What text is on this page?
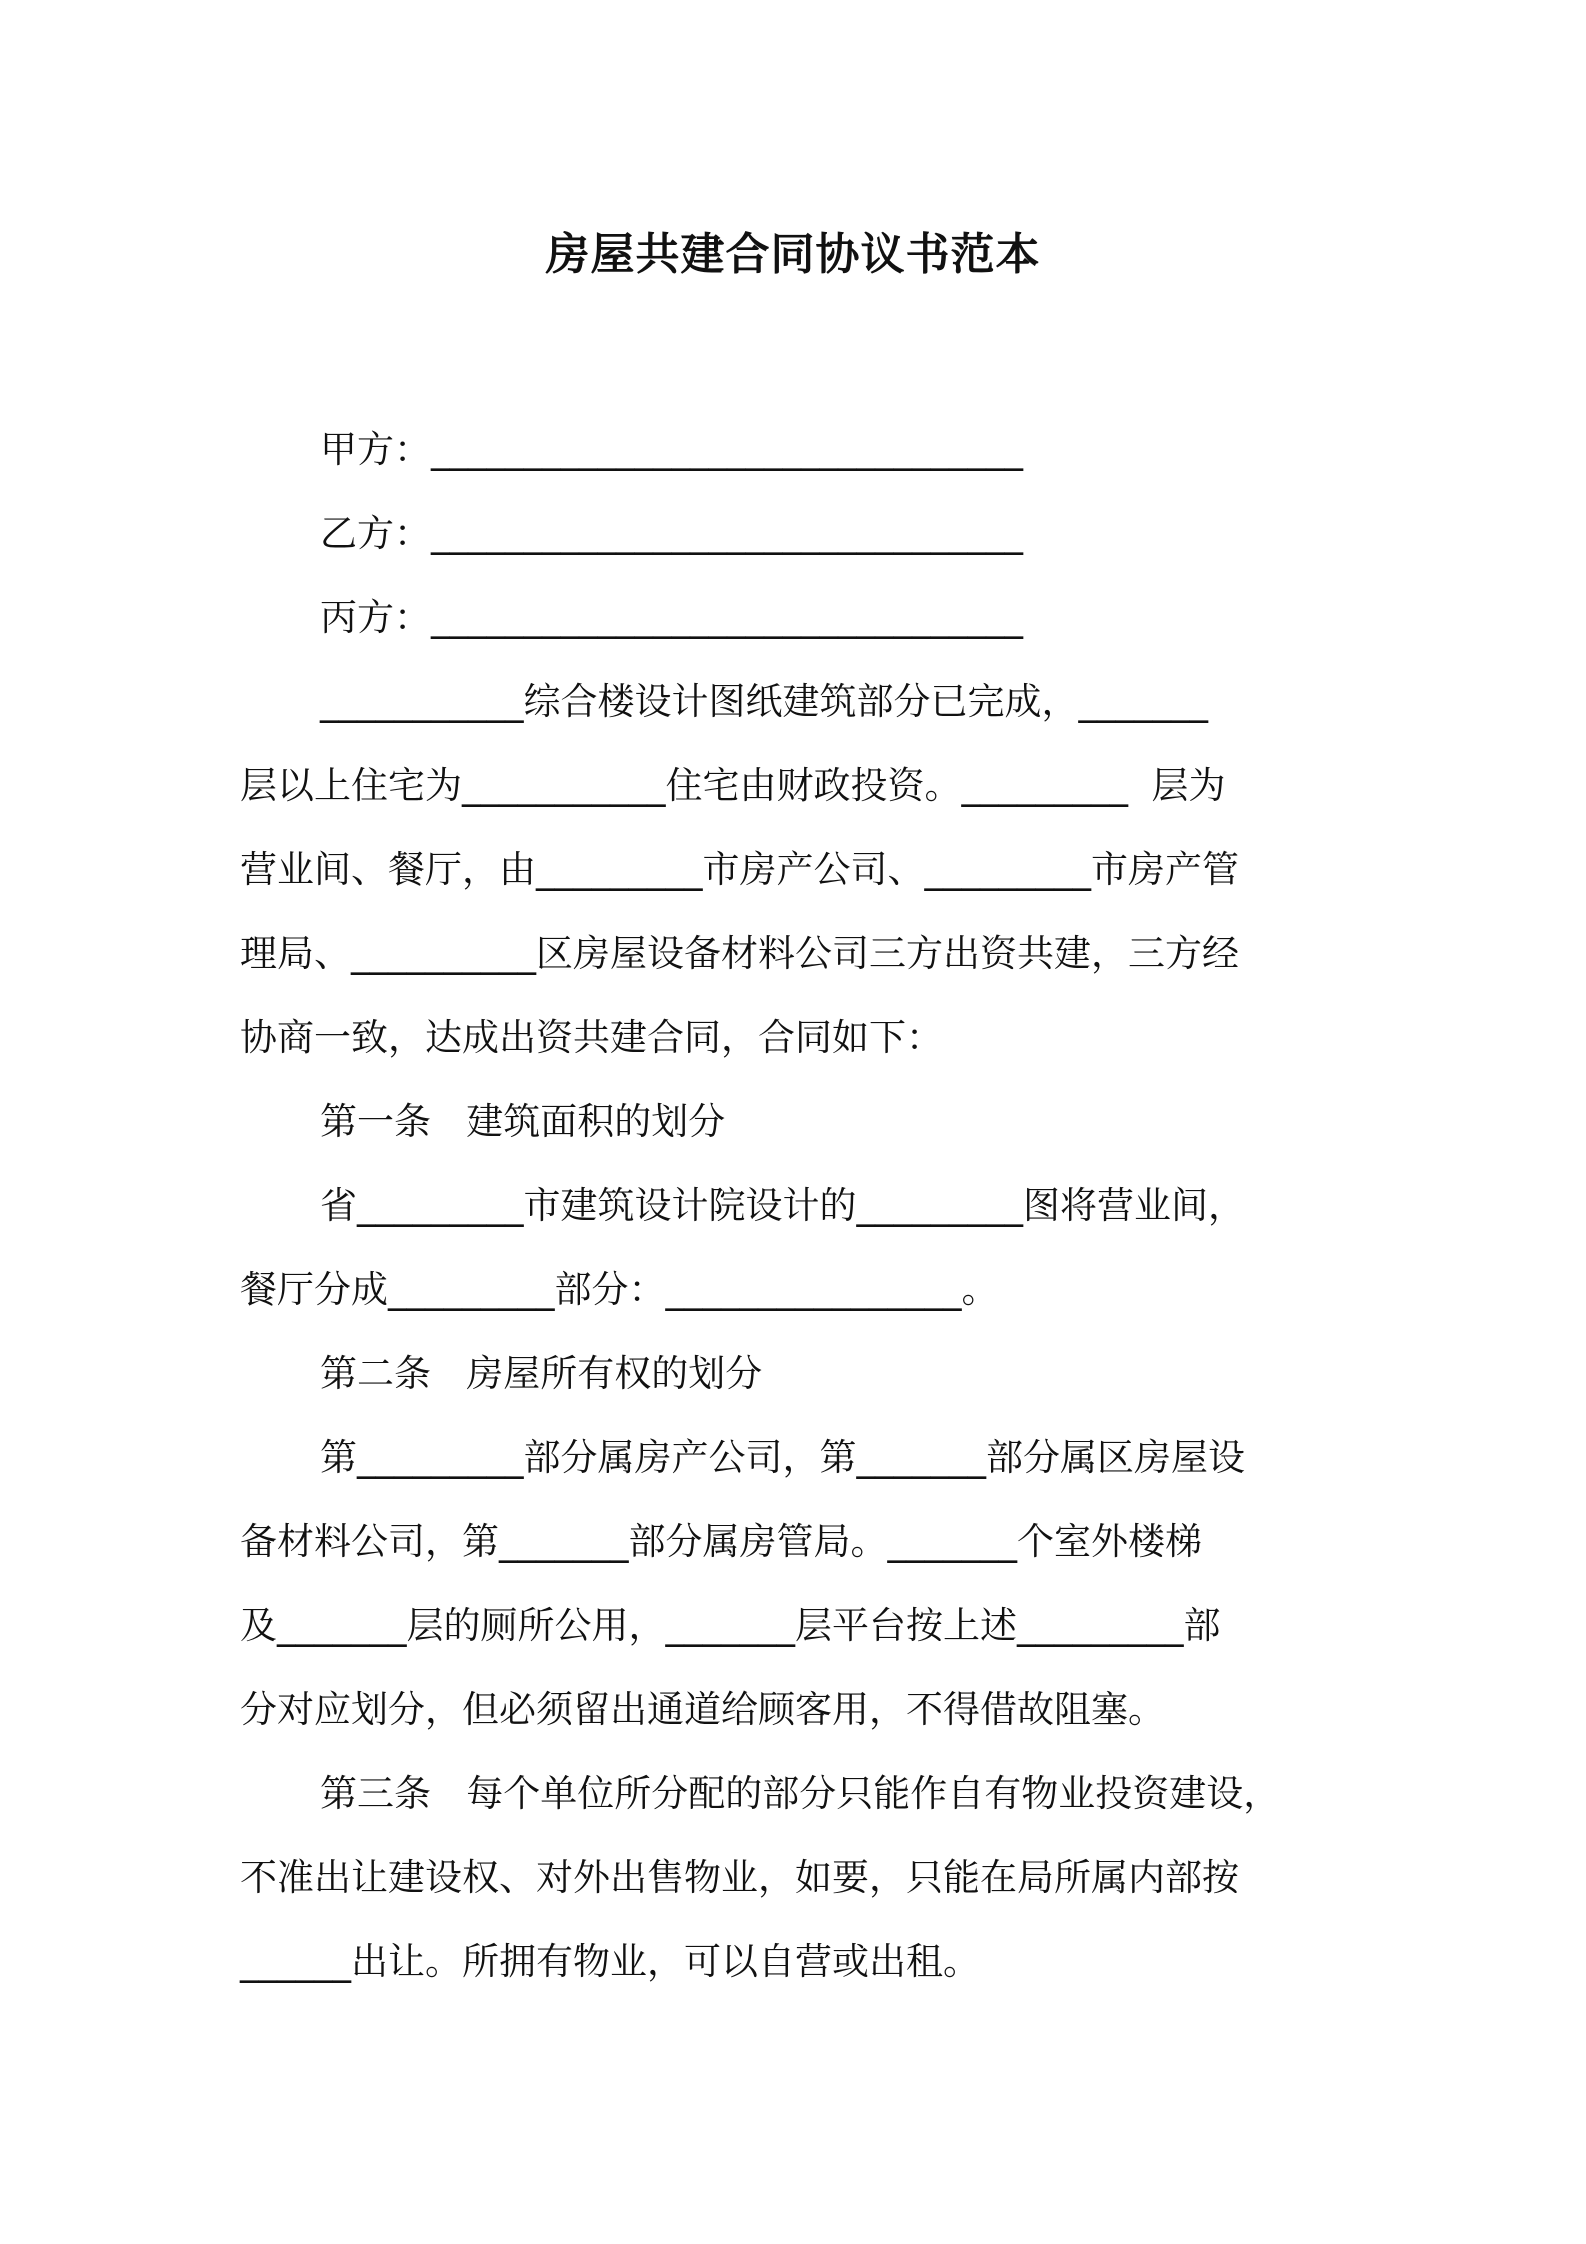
房屋共建合同协议书范本
甲方：________________________________
乙方：________________________________
丙方：________________________________
___________综合楼设计图纸建筑部分已完成，_______
层以上住宅为___________住宅由财政投资。_________  层为
营业间、餐厅，由_________市房产公司、_________市房产管
理局、__________区房屋设备材料公司三方出资共建，三方经
协商一致，达成出资共建合同，合同如下：
第一条   建筑面积的划分
省_________市建筑设计院设计的_________图将营业间，
餐厅分成_________部分：________________。
第二条   房屋所有权的划分
第_________部分属房产公司，第_______部分属区房屋设
备材料公司，第_______部分属房管局。_______个室外楼梯
及_______层的厕所公用，_______层平台按上述_________部
分对应划分，但必须留出通道给顾客用，不得借故阻塞。
第三条   每个单位所分配的部分只能作自有物业投资建设，
不准出让建设权、对外出售物业，如要，只能在局所属内部按
______出让。所拥有物业，可以自营或出租。
